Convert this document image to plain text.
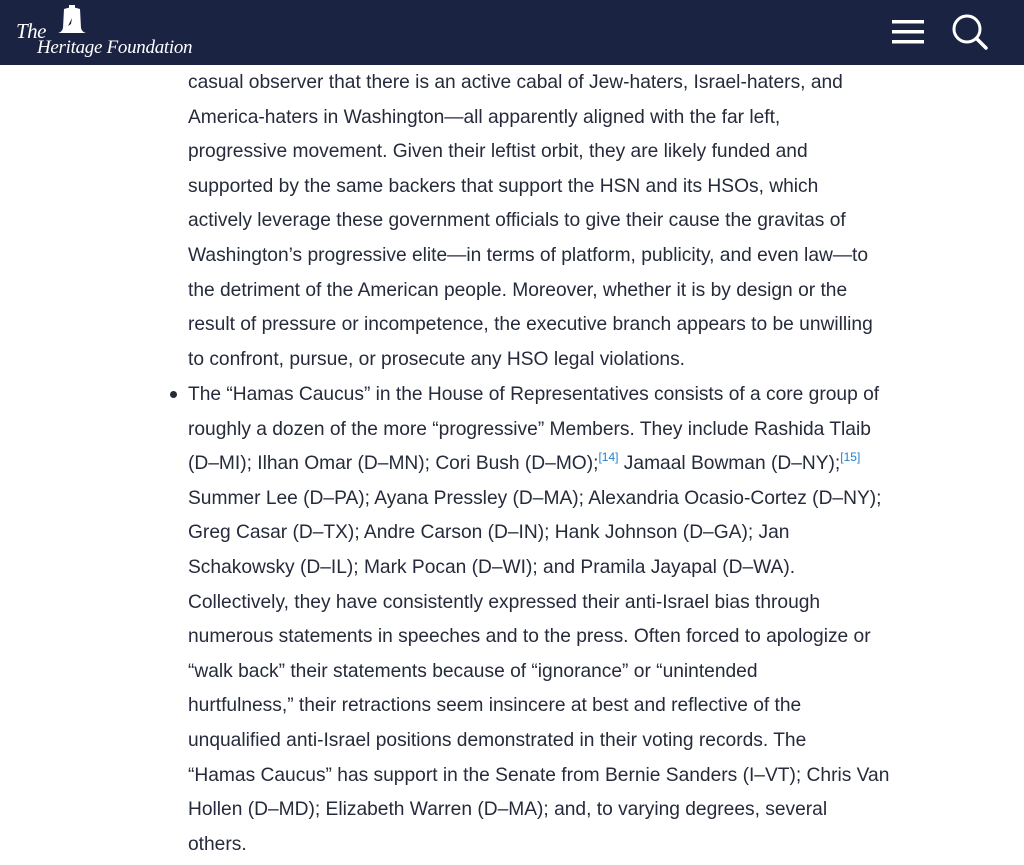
The
Heritage Foundation

casual observer that there is an active cabal of Jew-haters, Israel-haters, and
America-haters in Washington—all apparently aligned with the far left,
progressive movement. Given their leftist orbit, they are likely funded and
supported by the same backers that support the HSN and its HSOs, which
actively leverage these government officials to give their cause the gravitas of
Washington’s progressive elite—in terms of platform, publicity, and even law—to
the detriment of the American people. Moreover, whether it is by design or the
result of pressure or incompetence, the executive branch appears to be unwilling
to confront, pursue, or prosecute any HSO legal violations.

The “Hamas Caucus” in the House of Representatives consists of a core group of
roughly a dozen of the more “progressive” Members. They include Rashida Tlaib
(D–MI); Ilhan Omar (D–MN); Cori Bush (D–MO);[14] Jamaal Bowman (D–NY);[15]
Summer Lee (D–PA); Ayana Pressley (D–MA); Alexandria Ocasio-Cortez (D–NY);
Greg Casar (D–TX); Andre Carson (D–IN); Hank Johnson (D–GA); Jan
Schakowsky (D–IL); Mark Pocan (D–WI); and Pramila Jayapal (D–WA).
Collectively, they have consistently expressed their anti-Israel bias through
numerous statements in speeches and to the press. Often forced to apologize or
“walk back” their statements because of “ignorance” or “unintended
hurtfulness,” their retractions seem insincere at best and reflective of the
unqualified anti-Israel positions demonstrated in their voting records. The
“Hamas Caucus” has support in the Senate from Bernie Sanders (I–VT); Chris Van
Hollen (D–MD); Elizabeth Warren (D–MA); and, to varying degrees, several
others.
